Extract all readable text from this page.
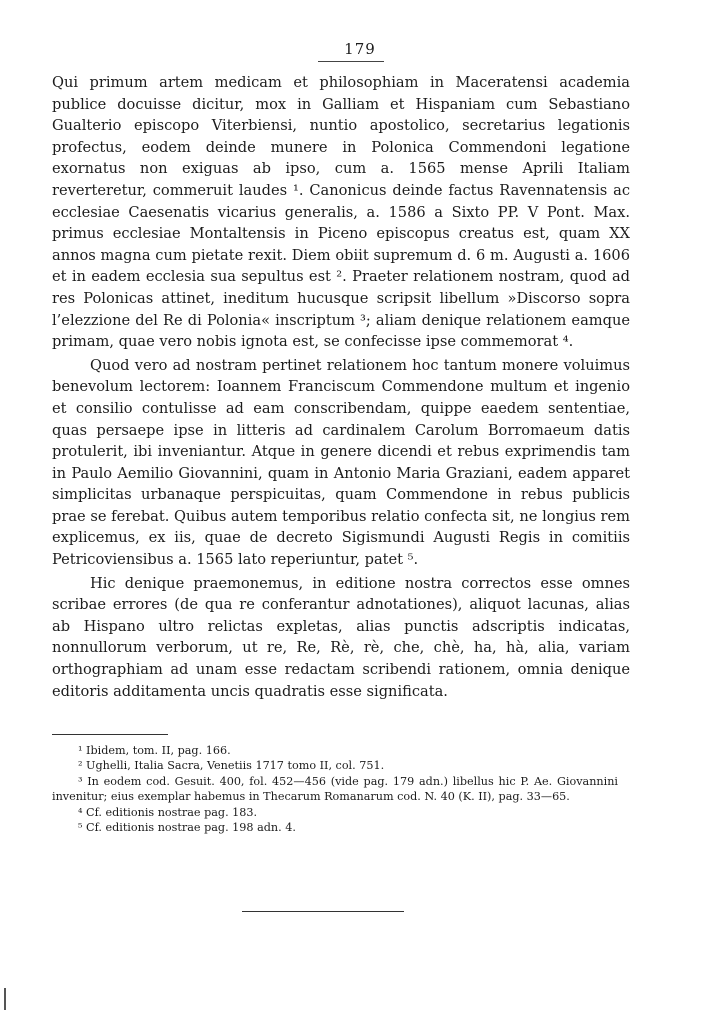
179

Qui primum artem medicam et philosophiam in Maceratensi academia publice docuisse dicitur, mox in Galliam et Hispaniam cum Sebastiano Gualterio episcopo Viterbiensi, nuntio apostolico, secretarius legationis profectus, eodem deinde munere in Polonica Commendoni legatione exornatus non exiguas ab ipso, cum a. 1565 mense Aprili Italiam reverteretur, commeruit laudes ¹. Canonicus deinde factus Ravennatensis ac ecclesiae Caesenatis vicarius generalis, a. 1586 a Sixto PP. V Pont. Max. primus ecclesiae Montaltensis in Piceno episcopus creatus est, quam XX annos magna cum pietate rexit. Diem obiit supremum d. 6 m. Augusti a. 1606 et in eadem ecclesia sua sepultus est ². Praeter relationem nostram, quod ad res Polonicas attinet, ineditum hucusque scripsit libellum »Discorso sopra l’elezzione del Re di Polonia« inscriptum ³; aliam denique relationem eamque primam, quae vero nobis ignota est, se confecisse ipse commemorat ⁴.

Quod vero ad nostram pertinet relationem hoc tantum monere voluimus benevolum lectorem: Ioannem Franciscum Commendone multum et ingenio et consilio contulisse ad eam conscribendam, quippe eaedem sententiae, quas persaepe ipse in litteris ad cardinalem Carolum Borromaeum datis protulerit, ibi inveniantur. Atque in genere dicendi et rebus exprimendis tam in Paulo Aemilio Giovannini, quam in Antonio Maria Graziani, eadem apparet simplicitas urbanaque perspicuitas, quam Commendone in rebus publicis prae se ferebat. Quibus autem temporibus relatio confecta sit, ne longius rem explicemus, ex iis, quae de decreto Sigismundi Augusti Regis in comitiis Petricoviensibus a. 1565 lato reperiuntur, patet ⁵.

Hic denique praemonemus, in editione nostra correctos esse omnes scribae errores (de qua re conferantur adnotationes), aliquot lacunas, alias ab Hispano ultro relictas expletas, alias punctis adscriptis indicatas, nonnullorum verborum, ut re, Re, Rè, rè, che, chè, ha, hà, alia, variam orthographiam ad unam esse redactam scribendi rationem, omnia denique editoris additamenta uncis quadratis esse significata.

¹ Ibidem, tom. II, pag. 166.

² Ughelli, Italia Sacra, Venetiis 1717 tomo II, col. 751.

³ In eodem cod. Gesuit. 400, fol. 452—456 (vide pag. 179 adn.) libellus hic P. Ae. Giovannini invenitur; eius exemplar habemus in Thecarum Romanarum cod. N. 40 (K. II), pag. 33—65.

⁴ Cf. editionis nostrae pag. 183.

⁵ Cf. editionis nostrae pag. 198 adn. 4.
